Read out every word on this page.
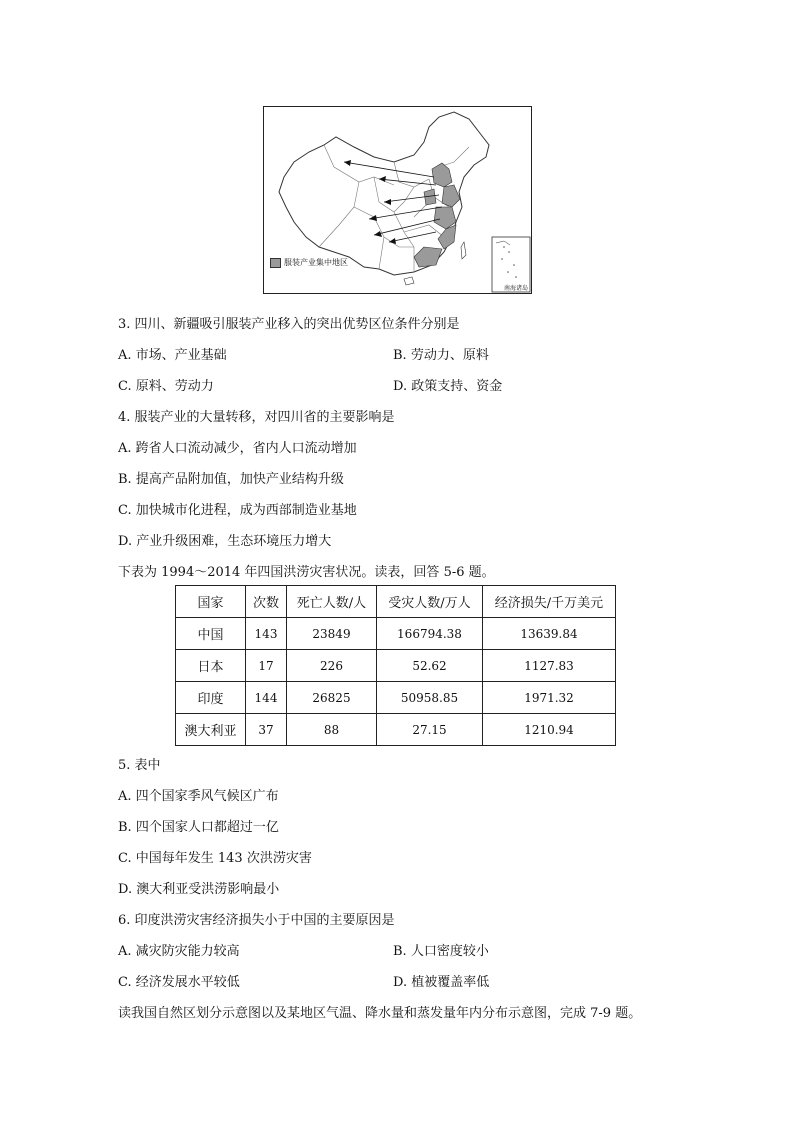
服装产业集中地区
南海诸岛
3. 四川、新疆吸引服装产业移入的突出优势区位条件分别是
A. 市场、产业基础	B. 劳动力、原料
C. 原料、劳动力	D. 政策支持、资金
4. 服装产业的大量转移，对四川省的主要影响是
A. 跨省人口流动减少，省内人口流动增加
B. 提高产品附加值，加快产业结构升级
C. 加快城市化进程，成为西部制造业基地
D. 产业升级困难，生态环境压力增大
下表为 1994～2014 年四国洪涝灾害状况。读表，回答 5-6 题。
国家	次数	死亡人数/人	受灾人数/万人	经济损失/千万美元
中国	143	23849	166794.38	13639.84
日本	17	226	52.62	1127.83
印度	144	26825	50958.85	1971.32
澳大利亚	37	88	27.15	1210.94
5. 表中
A. 四个国家季风气候区广布
B. 四个国家人口都超过一亿
C. 中国每年发生 143 次洪涝灾害
D. 澳大利亚受洪涝影响最小
6. 印度洪涝灾害经济损失小于中国的主要原因是
A. 减灾防灾能力较高	B. 人口密度较小
C. 经济发展水平较低	D. 植被覆盖率低
读我国自然区划分示意图以及某地区气温、降水量和蒸发量年内分布示意图，完成 7-9 题。
